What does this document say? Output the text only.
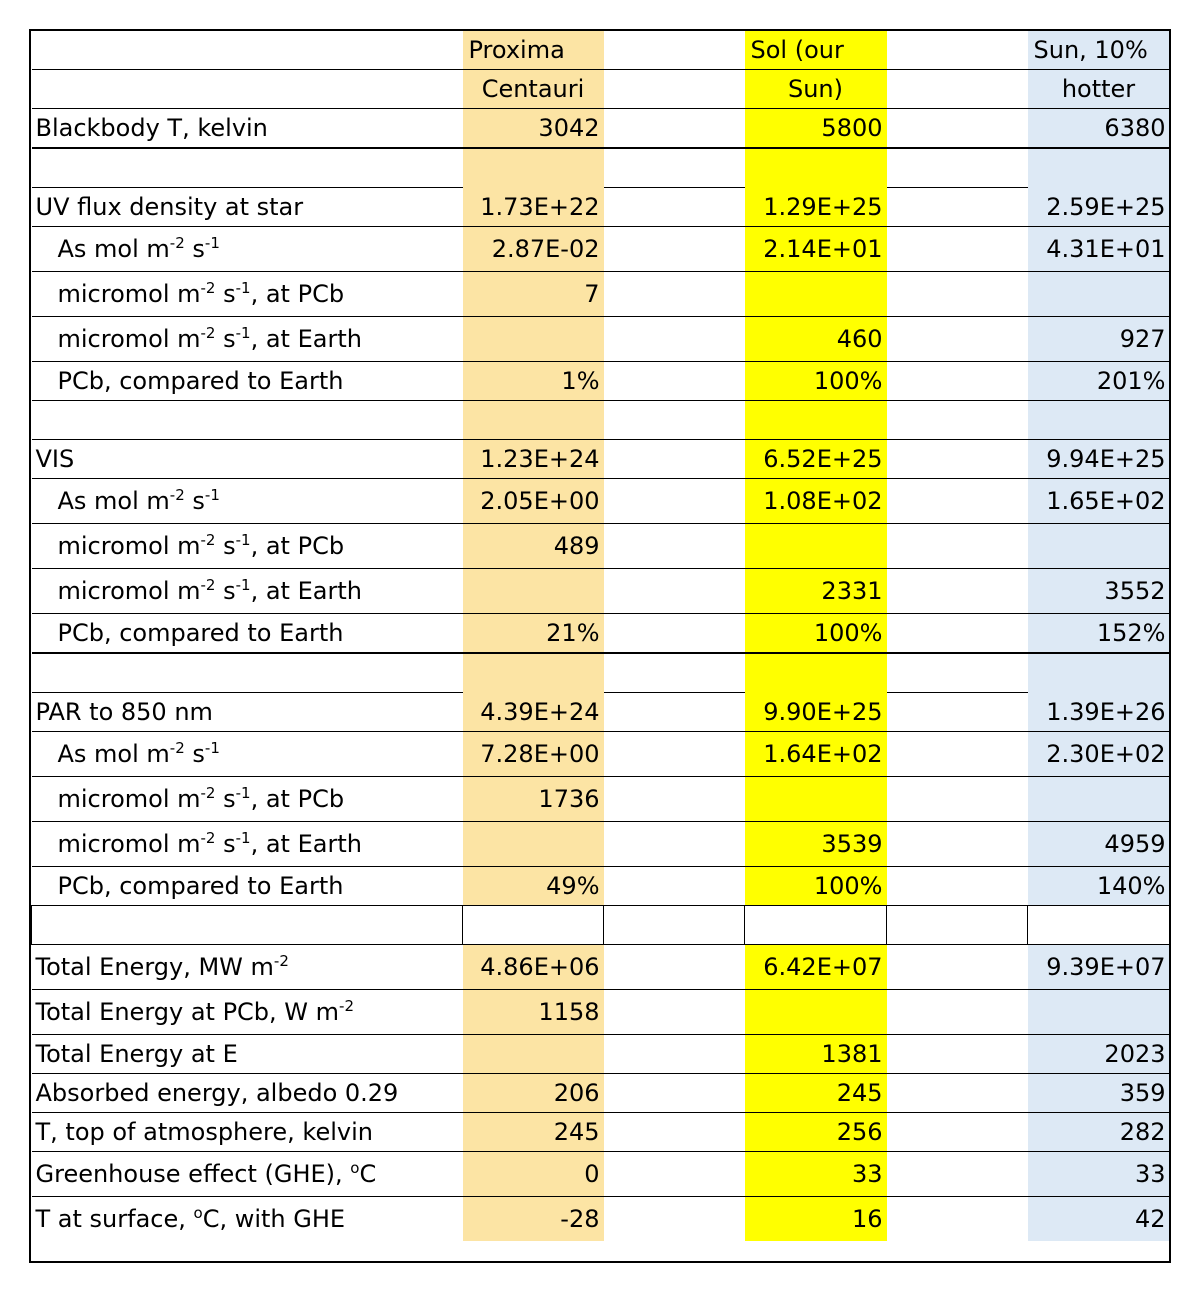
	Proxima		Sol (our		Sun, 10%
	Centauri		Sun)		hotter
Blackbody T, kelvin	3042		5800		6380

UV flux density at star	1.73E+22		1.29E+25		2.59E+25
As mol $m^{-2}$ $s^{-1}$	2.87E-02		2.14E+01		4.31E+01
micromol $m^{-2}$ $s^{-1}$, at PCb	7				
micromol $m^{-2}$ $s^{-1}$, at Earth			460		927
PCb, compared to Earth	1%		100%		201%

VIS	1.23E+24		6.52E+25		9.94E+25
As mol $m^{-2}$ $s^{-1}$	2.05E+00		1.08E+02		1.65E+02
micromol $m^{-2}$ $s^{-1}$, at PCb	489				
micromol $m^{-2}$ $s^{-1}$, at Earth			2331		3552
PCb, compared to Earth	21%		100%		152%

PAR to 850 nm	4.39E+24		9.90E+25		1.39E+26
As mol $m^{-2}$ $s^{-1}$	7.28E+00		1.64E+02		2.30E+02
micromol $m^{-2}$ $s^{-1}$, at PCb	1736				
micromol $m^{-2}$ $s^{-1}$, at Earth			3539		4959
PCb, compared to Earth	49%		100%		140%

Total Energy, MW $m^{-2}$	4.86E+06		6.42E+07		9.39E+07
Total Energy at PCb, W $m^{-2}$	1158				
Total Energy at E			1381		2023
Absorbed energy, albedo 0.29	206		245		359
T, top of atmosphere, kelvin	245		256		282
Greenhouse effect (GHE), $^o$C	0		33		33
T at surface, $^o$C, with GHE	-28		16		42
